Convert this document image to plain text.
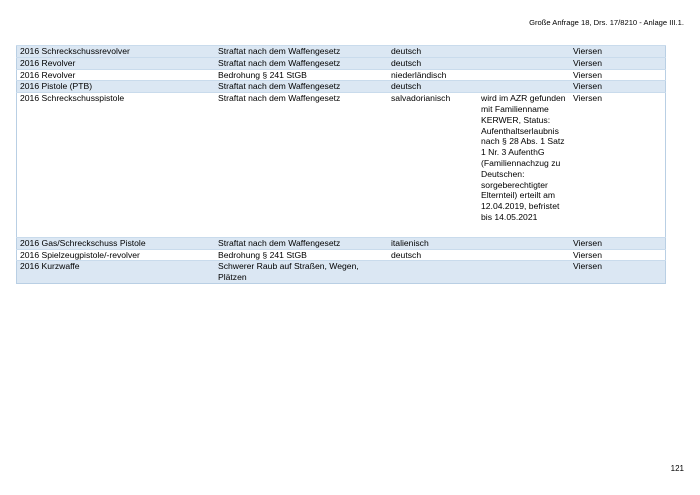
Große Anfrage 18, Drs. 17/8210 - Anlage III.1.
2016 Schreckschussrevolver	Straftat nach dem Waffengesetz	deutsch		Viersen
2016 Revolver	Straftat nach dem Waffengesetz	deutsch		Viersen
2016 Revolver	Bedrohung § 241 StGB	niederländisch		Viersen
2016 Pistole (PTB)	Straftat nach dem Waffengesetz	deutsch		Viersen
2016 Schreckschusspistole	Straftat nach dem Waffengesetz	salvadorianisch	wird im AZR gefunden mit Familienname KERWER, Status: Aufenthaltserlaubnis nach § 28 Abs. 1 Satz 1 Nr. 3 AufenthG (Familiennachzug zu Deutschen: sorgeberechtigter Elternteil) erteilt am 12.04.2019, befristet bis 14.05.2021	Viersen
2016 Gas/Schreckschuss Pistole	Straftat nach dem Waffengesetz	italienisch		Viersen
2016 Spielzeugpistole/-revolver	Bedrohung § 241 StGB	deutsch		Viersen
2016 Kurzwaffe	Schwerer Raub auf Straßen, Wegen, Plätzen			Viersen
121
